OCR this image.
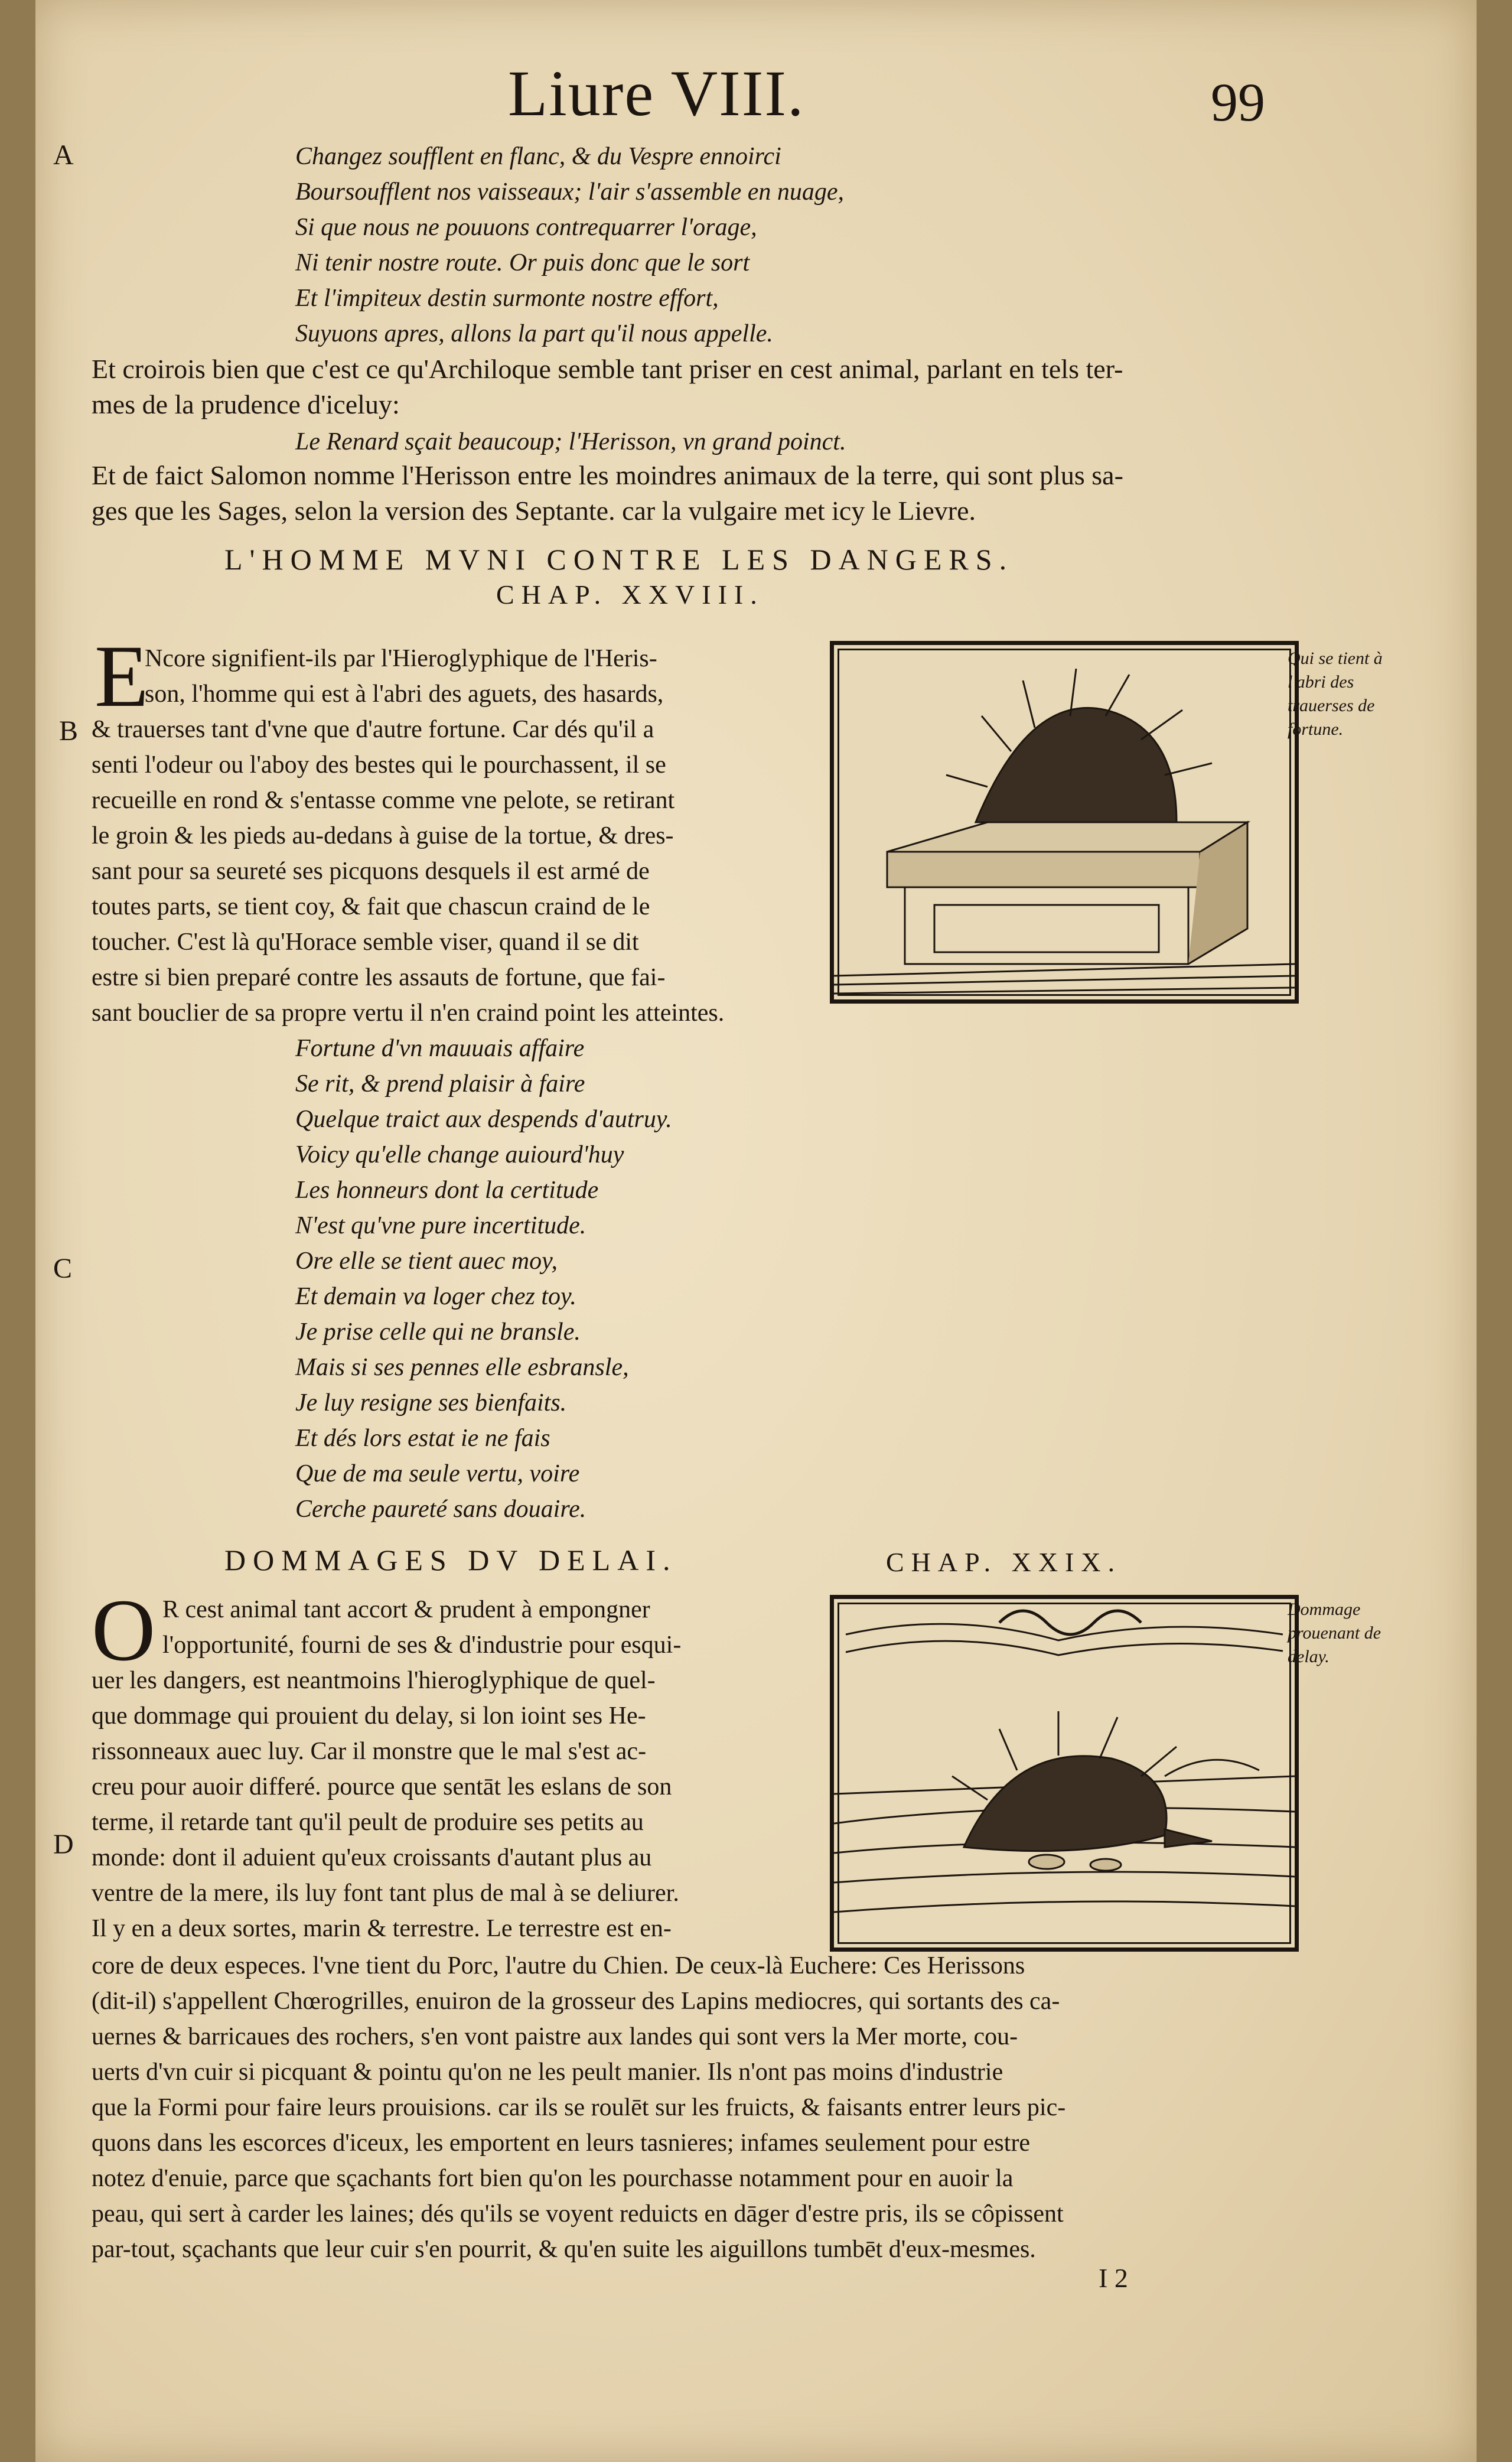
Liure VIII.	99
A
B
C
D
Changez soufflent en flanc, & du Vespre ennoirci
Boursoufflent nos vaisseaux; l'air s'assemble en nuage,
Si que nous ne pouuons contrequarrer l'orage,
Ni tenir nostre route. Or puis donc que le sort
Et l'impiteux destin surmonte nostre effort,
Suyuons apres, allons la part qu'il nous appelle.
Et croirois bien que c'est ce qu'Archiloque semble tant priser en cest animal, parlant en tels ter-
mes de la prudence d'iceluy:
Le Renard sçait beaucoup; l'Herisson, vn grand poinct.
Et de faict Salomon nomme l'Herisson entre les moindres animaux de la terre, qui sont plus sa-
ges que les Sages, selon la version des Septante. car la vulgaire met icy le Lievre.
L'HOMME MVNI CONTRE LES DANGERS.
CHAP. XXVIII.
E
Ncore signifient-ils par l'Hieroglyphique de l'Heris-
son, l'homme qui est à l'abri des aguets, des hasards,
& trauerses tant d'vne que d'autre fortune. Car dés qu'il a
senti l'odeur ou l'aboy des bestes qui le pourchassent, il se
recueille en rond & s'entasse comme vne pelote, se retirant
le groin & les pieds au-dedans à guise de la tortue, & dres-
sant pour sa seureté ses picquons desquels il est armé de
toutes parts, se tient coy, & fait que chascun craind de le
toucher. C'est là qu'Horace semble viser, quand il se dit
estre si bien preparé contre les assauts de fortune, que fai-
sant bouclier de sa propre vertu il n'en craind point les atteintes.
Qui se tient à l'abri des trauerses de fortune.
Fortune d'vn mauuais affaire
Se rit, & prend plaisir à faire
Quelque traict aux despends d'autruy.
Voicy qu'elle change auiourd'huy
Les honneurs dont la certitude
N'est qu'vne pure incertitude.
Ore elle se tient auec moy,
Et demain va loger chez toy.
Je prise celle qui ne bransle.
Mais si ses pennes elle esbransle,
Je luy resigne ses bienfaits.
Et dés lors estat ie ne fais
Que de ma seule vertu, voire
Cerche paureté sans douaire.
DOMMAGES DV DELAI.	CHAP. XXIX.
O R cest animal tant accort & prudent à empongner
l'opportunité, fourni de ses & d'industrie pour esqui-
uer les dangers, est neantmoins l'hieroglyphique de quel-
que dommage qui prouient du delay, si lon ioint ses He-
rissonneaux auec luy. Car il monstre que le mal s'est ac-
creu pour auoir differé. pource que sentāt les eslans de son
terme, il retarde tant qu'il peult de produire ses petits au
monde: dont il aduient qu'eux croissants d'autant plus au
ventre de la mere, ils luy font tant plus de mal à se deliurer.
Il y en a deux sortes, marin & terrestre. Le terrestre est en-
Dommage prouenant de delay.
core de deux especes. l'vne tient du Porc, l'autre du Chien. De ceux-là Euchere: Ces Herissons
(dit-il) s'appellent Chœrogrilles, enuiron de la grosseur des Lapins mediocres, qui sortants des ca-
uernes & barricaues des rochers, s'en vont paistre aux landes qui sont vers la Mer morte, cou-
uerts d'vn cuir si picquant & pointu qu'on ne les peult manier. Ils n'ont pas moins d'industrie
que la Formi pour faire leurs prouisions. car ils se roulēt sur les fruicts, & faisants entrer leurs pic-
quons dans les escorces d'iceux, les emportent en leurs tasnieres; infames seulement pour estre
notez d'enuie, parce que sçachants fort bien qu'on les pourchasse notamment pour en auoir la
peau, qui sert à carder les laines; dés qu'ils se voyent reduicts en dāger d'estre pris, ils se côpissent
par-tout, sçachants que leur cuir s'en pourrit, & qu'en suite les aiguillons tumbēt d'eux-mesmes.
I 2
